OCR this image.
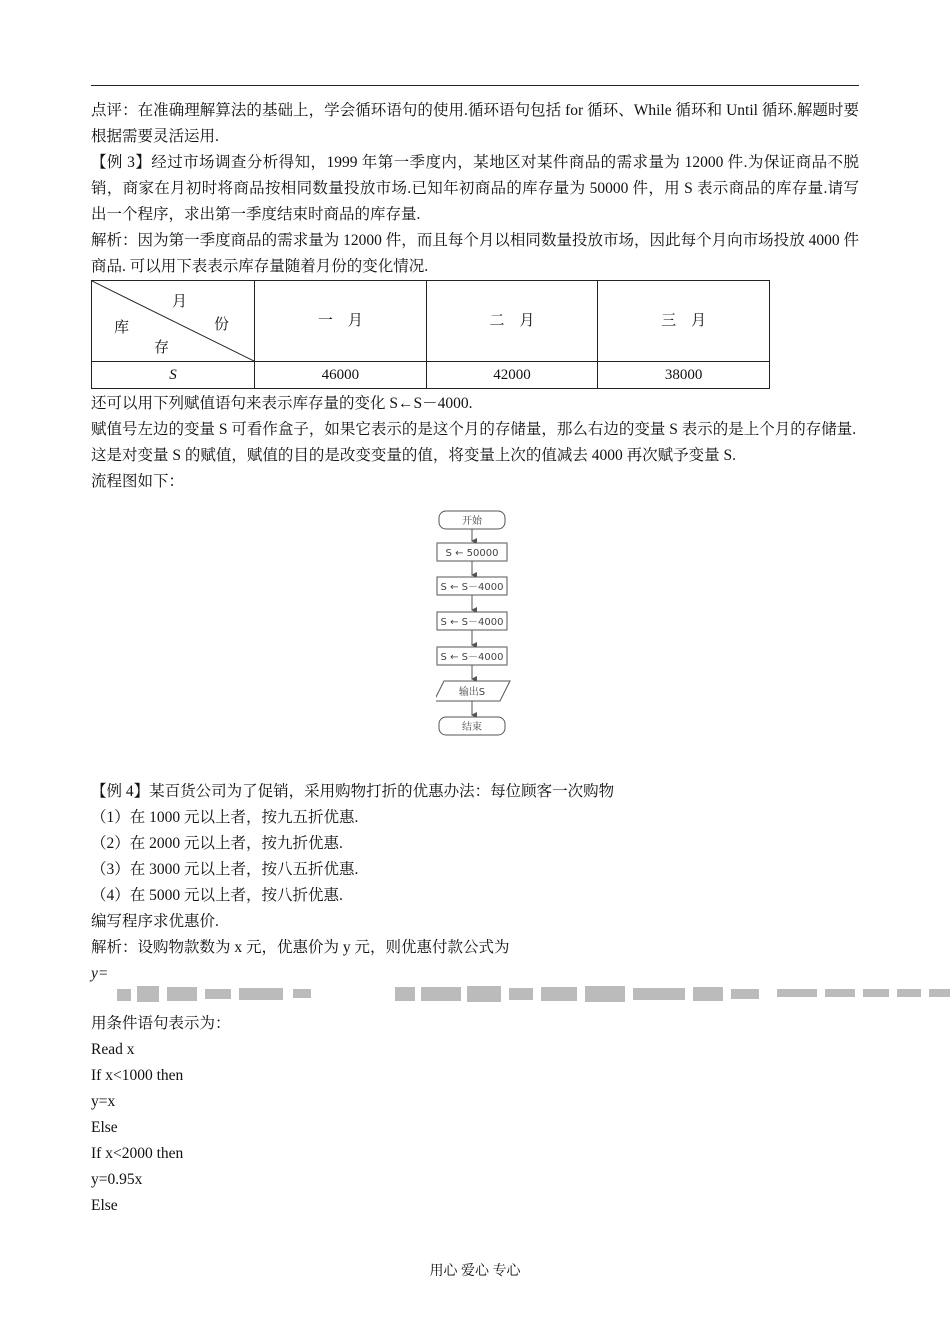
点评：在准确理解算法的基础上，学会循环语句的使用.循环语句包括 for 循环、While 循环和 Until 循环.解题时要根据需要灵活运用.

【例 3】经过市场调查分析得知，1999 年第一季度内，某地区对某件商品的需求量为 12000 件.为保证商品不脱销，商家在月初时将商品按相同数量投放市场.已知年初商品的库存量为 50000 件，用 S 表示商品的库存量.请写出一个程序，求出第一季度结束时商品的库存量.

解析：因为第一季度商品的需求量为 12000 件，而且每个月以相同数量投放市场，因此每个月向市场投放 4000 件商品. 可以用下表表示库存量随着月份的变化情况.

月
份
库
存	一　月	二　月	三　月
S	46000	42000	38000

还可以用下列赋值语句来表示库存量的变化 S←S－4000.

赋值号左边的变量 S 可看作盒子，如果它表示的是这个月的存储量，那么右边的变量 S 表示的是上个月的存储量.

这是对变量 S 的赋值，赋值的目的是改变变量的值，将变量上次的值减去 4000 再次赋予变量 S.

流程图如下：

开始
S ← 50000
S ← S－4000
S ← S－4000
S ← S－4000
输出S
结束

【例 4】某百货公司为了促销，采用购物打折的优惠办法：每位顾客一次购物

（1）在 1000 元以上者，按九五折优惠.

（2）在 2000 元以上者，按九折优惠.

（3）在 3000 元以上者，按八五折优惠.

（4）在 5000 元以上者，按八折优惠.

编写程序求优惠价.

解析：设购物款数为 x 元，优惠价为 y 元，则优惠付款公式为

y=

用条件语句表示为：

Read x

If x<1000 then

y=x

Else

If x<2000 then

y=0.95x

Else

用心 爱心 专心
